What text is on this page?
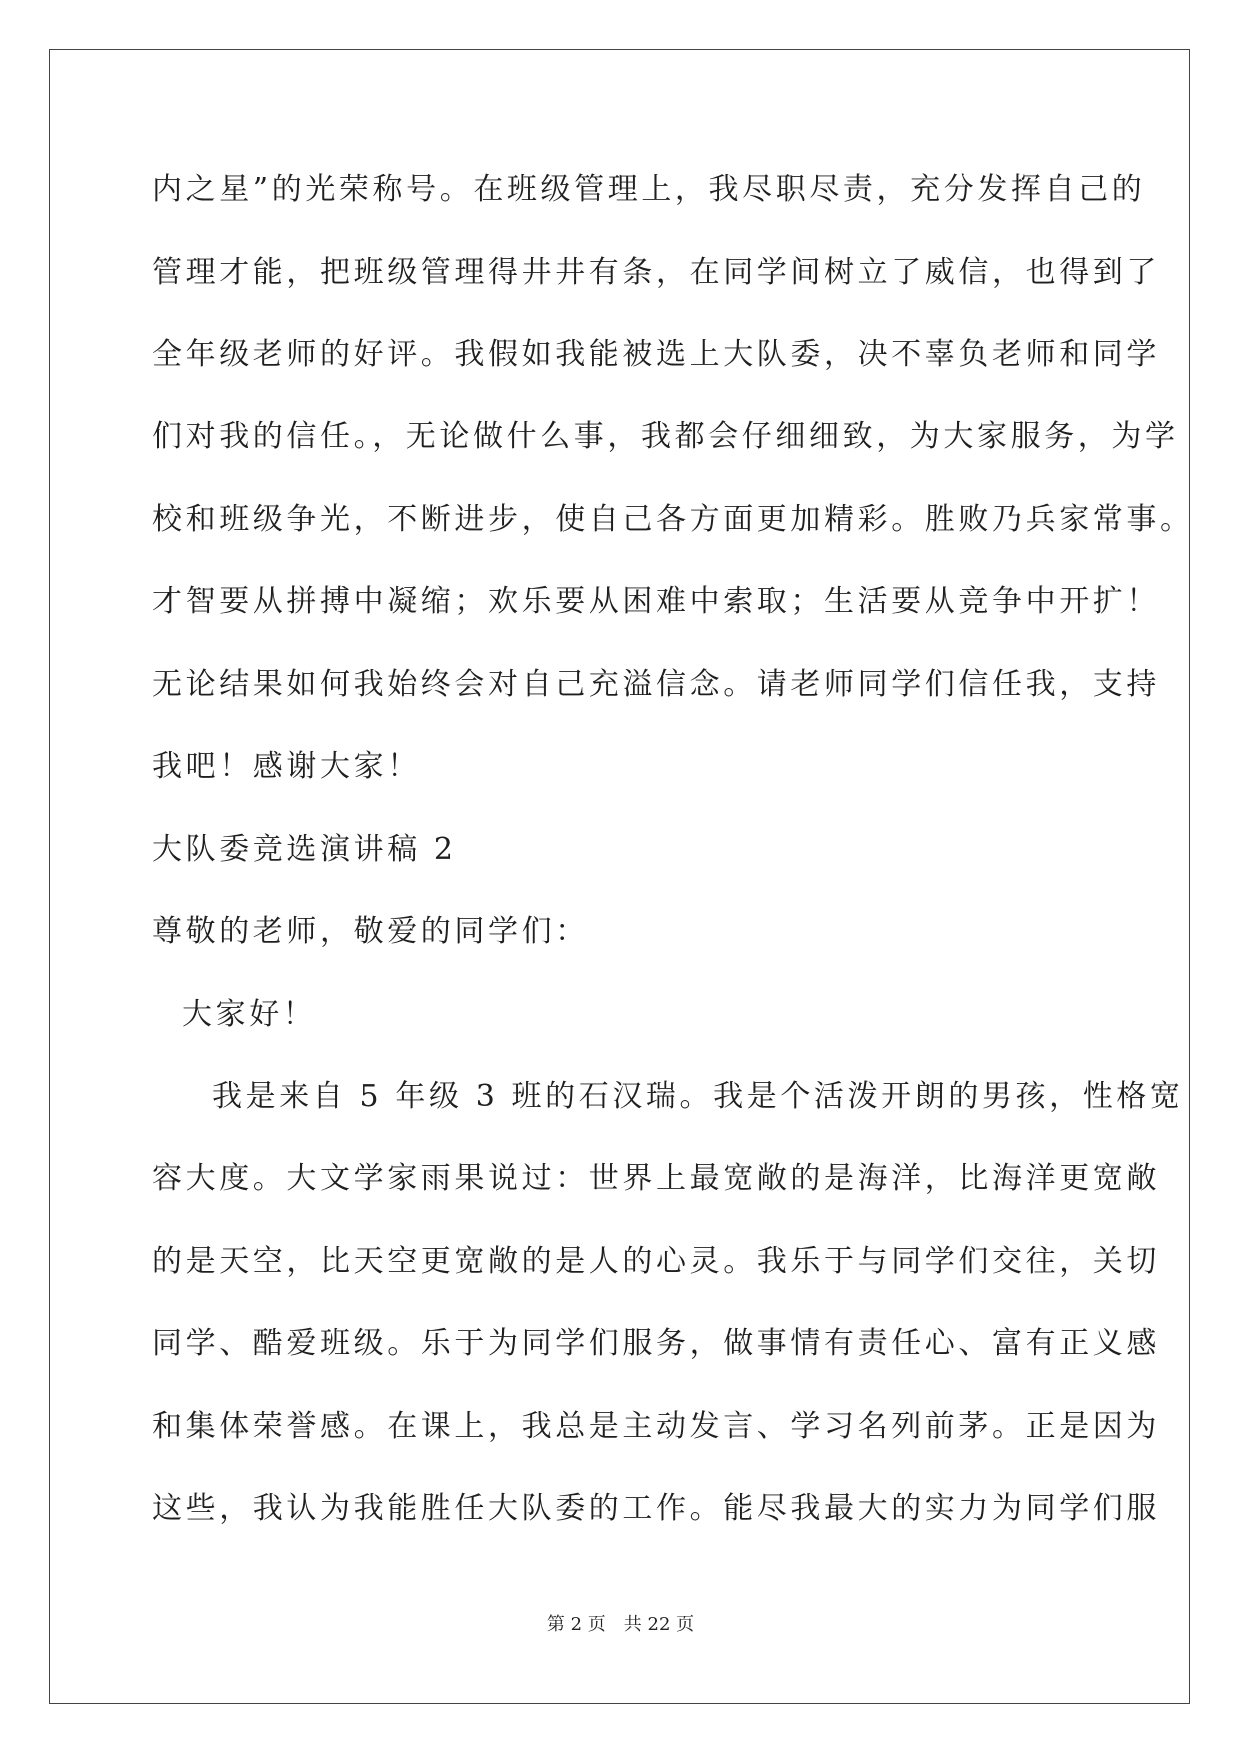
内之星”的光荣称号。在班级管理上，我尽职尽责，充分发挥自己的
管理才能，把班级管理得井井有条，在同学间树立了威信，也得到了
全年级老师的好评。我假如我能被选上大队委，决不辜负老师和同学
们对我的信任。，无论做什么事，我都会仔细细致，为大家服务，为学
校和班级争光，不断进步，使自己各方面更加精彩。胜败乃兵家常事。
才智要从拼搏中凝缩；欢乐要从困难中索取；生活要从竞争中开扩！
无论结果如何我始终会对自己充溢信念。请老师同学们信任我，支持
我吧！感谢大家！
大队委竞选演讲稿 2
尊敬的老师，敬爱的同学们：
大家好！
我是来自 5 年级 3 班的石汉瑞。我是个活泼开朗的男孩，性格宽
容大度。大文学家雨果说过：世界上最宽敞的是海洋，比海洋更宽敞
的是天空，比天空更宽敞的是人的心灵。我乐于与同学们交往，关切
同学、酷爱班级。乐于为同学们服务，做事情有责任心、富有正义感
和集体荣誉感。在课上，我总是主动发言、学习名列前茅。正是因为
这些，我认为我能胜任大队委的工作。能尽我最大的实力为同学们服
第 2 页 共 22 页
